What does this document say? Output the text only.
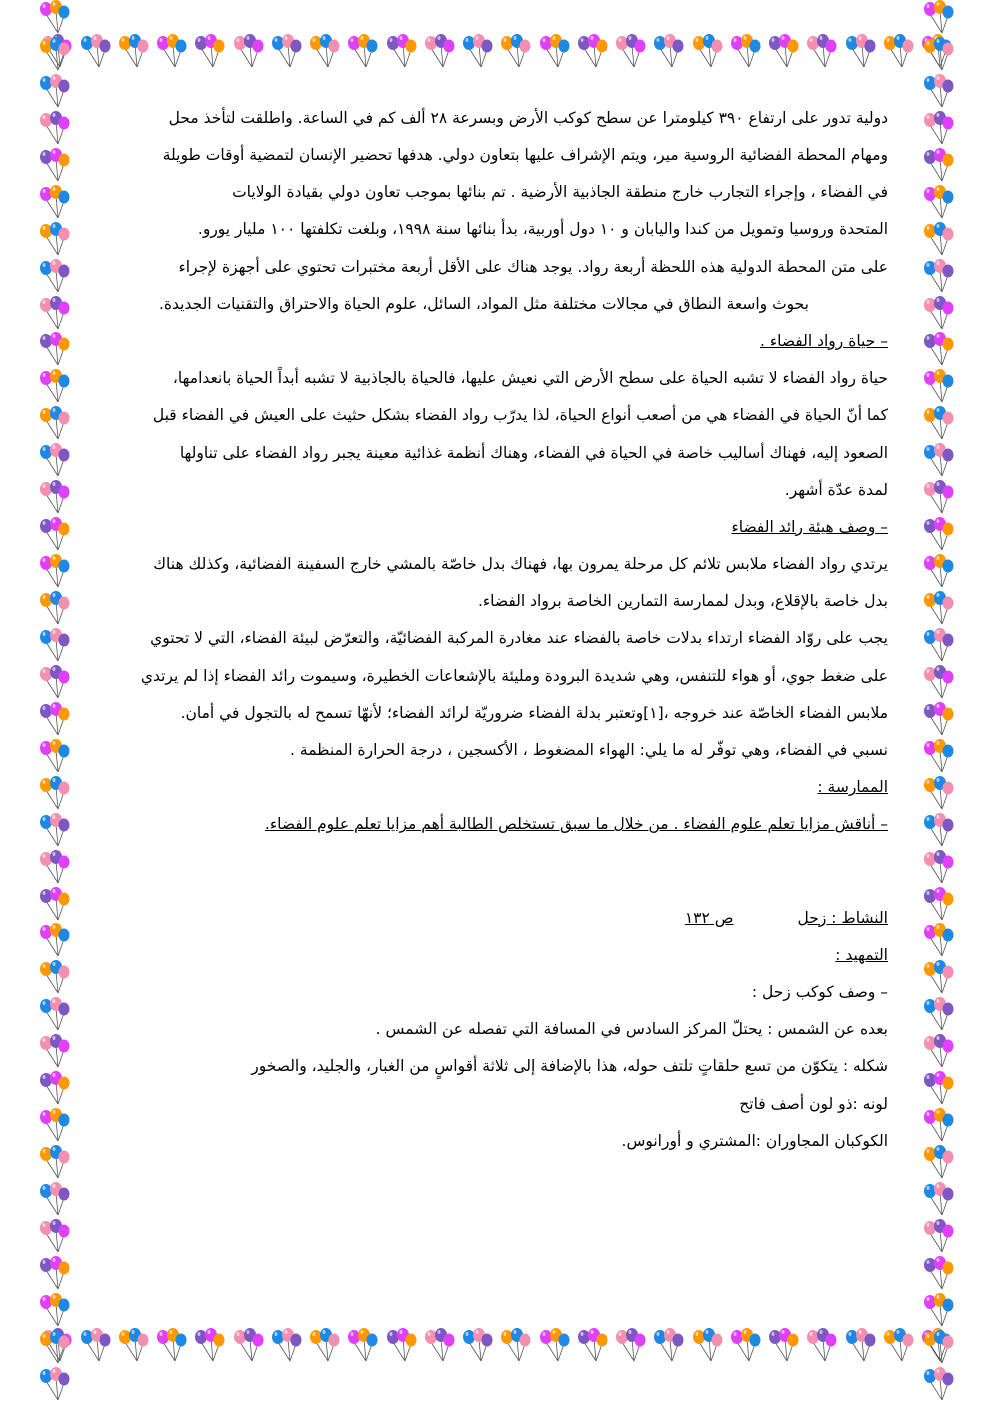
دولية تدور على ارتفاع ٣٩٠ كيلومترا عن سطح كوكب الأرض وبسرعة ٢٨ ألف كم في الساعة. واطلقت لتأخذ محل
ومهام المحطة الفضائية الروسية مير، ويتم الإشراف عليها بتعاون دولي. هدفها تحضير الإنسان لتمضية أوقات طويلة
في الفضاء ، وإجراء التجارب خارج منطقة الجاذبية الأرضية . تم بنائها بموجب تعاون دولي بقيادة الولايات
المتحدة وروسيا وتمويل من كندا واليابان و ١٠ دول أوربية، بدأ بنائها سنة ١٩٩٨، وبلغت تكلفتها ١٠٠ مليار يورو.
على متن المحطة الدولية هذه اللحظة أربعة رواد. يوجد هناك على الأقل أربعة مختبرات تحتوي على أجهزة لإجراء
بحوث واسعة النطاق في مجالات مختلفة مثل المواد، السائل، علوم الحياة والاحتراق والتقنيات الجديدة.
– حياة رواد الفضاء .
حياة رواد الفضاء لا تشبه الحياة على سطح الأرض التي نعيش عليها، فالحياة بالجاذبية لا تشبه أبداً الحياة بانعدامها،
كما أنّ الحياة في الفضاء هي من أصعب أنواع الحياة، لذا يدرّب رواد الفضاء بشكل حثيث على العيش في الفضاء قبل
الصعود إليه، فهناك أساليب خاصة في الحياة في الفضاء، وهناك أنظمة غذائية معينة يجبر رواد الفضاء على تناولها
لمدة عدّة أشهر.
– وصف هيئة رائد الفضاء
يرتدي رواد الفضاء ملابس تلائم كل مرحلة يمرون بها، فهناك بدل خاصّة بالمشي خارج السفينة الفضائية، وكذلك هناك
بدل خاصة بالإقلاع، وبدل لممارسة التمارين الخاصة برواد الفضاء.
يجب على روّاد الفضاء ارتداء بدلات خاصة بالفضاء عند مغادرة المركبة الفضائيّة، والتعرّض لبيئة الفضاء، التي لا تحتوي
على ضغط جوي، أو هواء للتنفس، وهي شديدة البرودة ومليئة بالإشعاعات الخطيرة، وسيموت رائد الفضاء إذا لم يرتدي
ملابس الفضاء الخاصّة عند خروجه ،[١]وتعتبر بدلة الفضاء ضروريّة لرائد الفضاء؛ لأنهّا تسمح له بالتجول في أمان.
نسبي في الفضاء، وهي توفّر له ما يلي: الهواء المضغوط ، الأكسجين ، درجة الحرارة المنظمة .
الممارسة :
– أناقش مزايا تعلم علوم الفضاء . من خلال ما سبق تستخلص الطالبة أهم مزايا تعلم علوم الفضاء.
النشاط : زحل
ص ١٣٢
التمهيد :
– وصف كوكب زحل :
بعده عن الشمس : يحتلّ المركز السادس في المسافة التي تفصله عن الشمس .
شكله : يتكوّن من تسع حلقاتٍ تلتف حوله، هذا بالإضافة إلى ثلاثة أقواسٍ من الغبار، والجليد، والصخور
لونه :ذو لون أصف فاتح
الكوكبان المجاوران :المشتري و أورانوس.
